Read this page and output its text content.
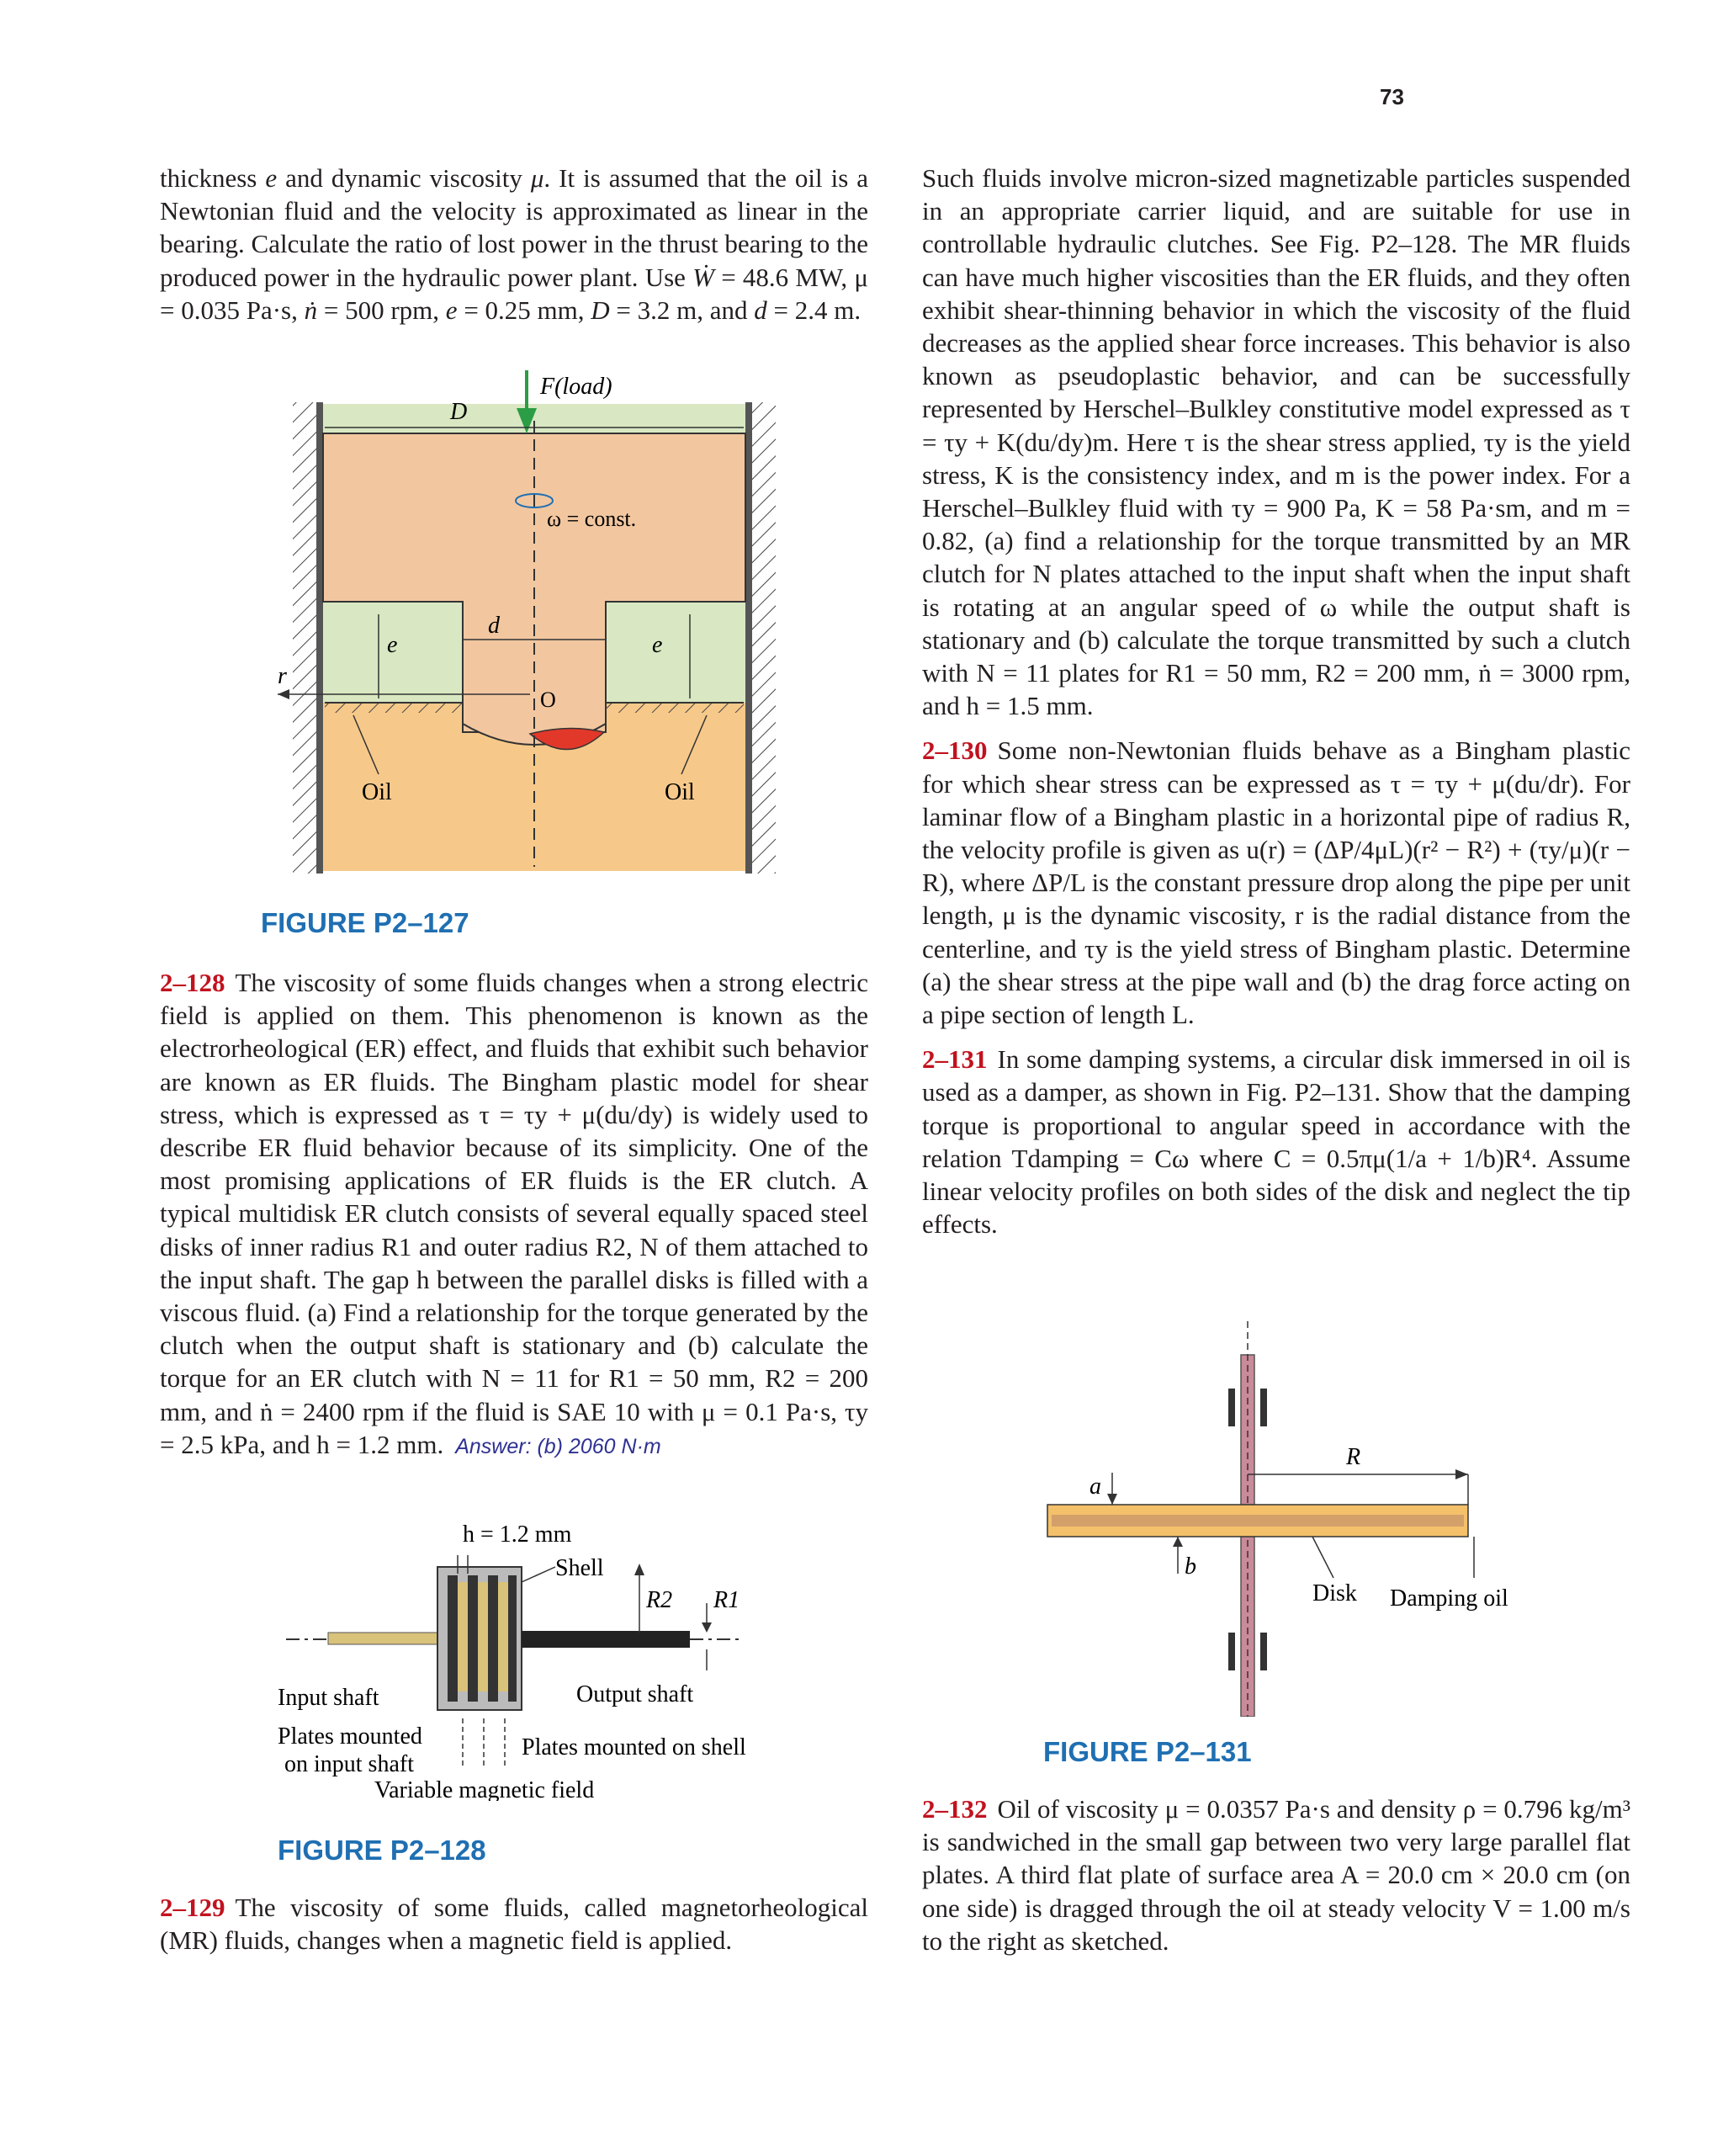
73

thickness e and dynamic viscosity μ. It is assumed that the oil is a Newtonian fluid and the velocity is approximated as linear in the bearing. Calculate the ratio of lost power in the thrust bearing to the produced power in the hydraulic power plant. Use Ẇ = 48.6 MW, μ = 0.035 Pa·s, ṅ = 500 rpm, e = 0.25 mm, D = 3.2 m, and d = 2.4 m.

F(load)
D
ω = const.
d
e	e
r
O
Oil	Oil
FIGURE P2–127

2–128 The viscosity of some fluids changes when a strong electric field is applied on them. This phenomenon is known as the electrorheological (ER) effect, and fluids that exhibit such behavior are known as ER fluids. The Bingham plastic model for shear stress, which is expressed as τ = τy + μ(du/dy) is widely used to describe ER fluid behavior because of its simplicity. One of the most promising applications of ER fluids is the ER clutch. A typical multidisk ER clutch consists of several equally spaced steel disks of inner radius R1 and outer radius R2, N of them attached to the input shaft. The gap h between the parallel disks is filled with a viscous fluid. (a) Find a relationship for the torque generated by the clutch when the output shaft is stationary and (b) calculate the torque for an ER clutch with N = 11 for R1 = 50 mm, R2 = 200 mm, and ṅ = 2400 rpm if the fluid is SAE 10 with μ = 0.1 Pa·s, τy = 2.5 kPa, and h = 1.2 mm. Answer: (b) 2060 N·m

h = 1.2 mm
R2 R1
Shell
Input shaft	Output shaft
Plates mounted
on input shaft
Plates mounted on shell
Variable magnetic field
FIGURE P2–128

2–129 The viscosity of some fluids, called magnetorheological (MR) fluids, changes when a magnetic field is applied.

Such fluids involve micron-sized magnetizable particles suspended in an appropriate carrier liquid, and are suitable for use in controllable hydraulic clutches. See Fig. P2–128. The MR fluids can have much higher viscosities than the ER fluids, and they often exhibit shear-thinning behavior in which the viscosity of the fluid decreases as the applied shear force increases. This behavior is also known as pseudoplastic behavior, and can be successfully represented by Herschel–Bulkley constitutive model expressed as τ = τy + K(du/dy)m. Here τ is the shear stress applied, τy is the yield stress, K is the consistency index, and m is the power index. For a Herschel–Bulkley fluid with τy = 900 Pa, K = 58 Pa·sm, and m = 0.82, (a) find a relationship for the torque transmitted by an MR clutch for N plates attached to the input shaft when the input shaft is rotating at an angular speed of ω while the output shaft is stationary and (b) calculate the torque transmitted by such a clutch with N = 11 plates for R1 = 50 mm, R2 = 200 mm, ṅ = 3000 rpm, and h = 1.5 mm.

2–130 Some non-Newtonian fluids behave as a Bingham plastic for which shear stress can be expressed as τ = τy + μ(du/dr). For laminar flow of a Bingham plastic in a horizontal pipe of radius R, the velocity profile is given as u(r) = (ΔP/4μL)(r² − R²) + (τy/μ)(r − R), where ΔP/L is the constant pressure drop along the pipe per unit length, μ is the dynamic viscosity, r is the radial distance from the centerline, and τy is the yield stress of Bingham plastic. Determine (a) the shear stress at the pipe wall and (b) the drag force acting on a pipe section of length L.

2–131 In some damping systems, a circular disk immersed in oil is used as a damper, as shown in Fig. P2–131. Show that the damping torque is proportional to angular speed in accordance with the relation Tdamping = Cω where C = 0.5πμ(1/a + 1/b)R⁴. Assume linear velocity profiles on both sides of the disk and neglect the tip effects.

R
a
b
Disk Damping oil
FIGURE P2–131

2–132 Oil of viscosity μ = 0.0357 Pa·s and density ρ = 0.796 kg/m³ is sandwiched in the small gap between two very large parallel flat plates. A third flat plate of surface area A = 20.0 cm × 20.0 cm (on one side) is dragged through the oil at steady velocity V = 1.00 m/s to the right as sketched.
